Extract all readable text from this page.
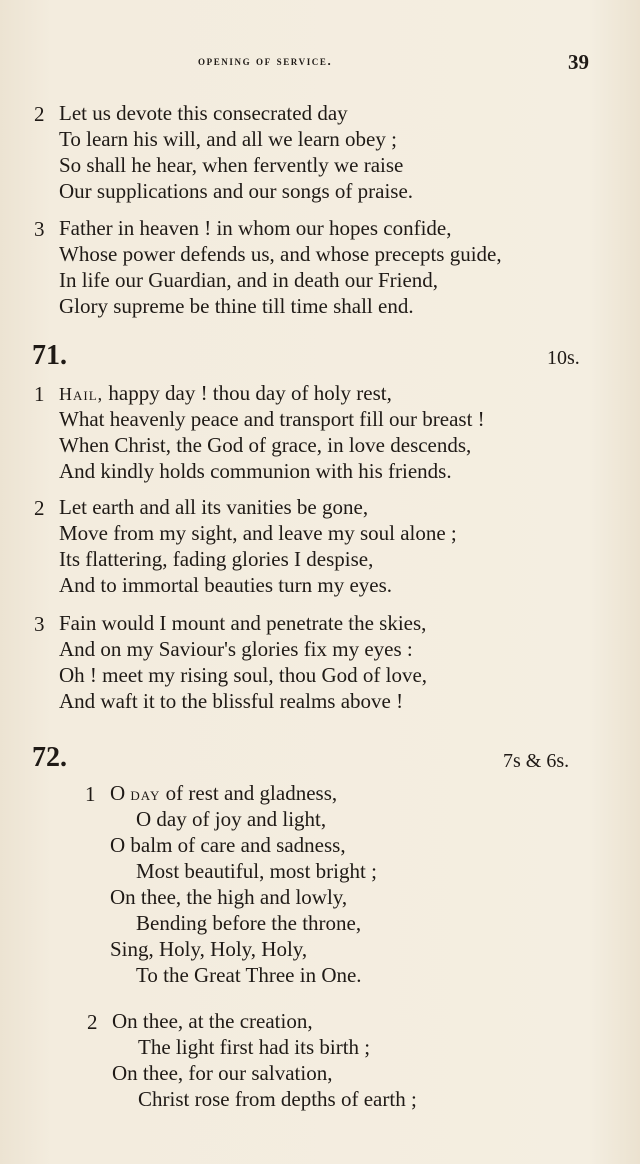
opening of service.	39
2 Let us devote this consecrated day
To learn his will, and all we learn obey ;
So shall he hear, when fervently we raise
Our supplications and our songs of praise.
3 Father in heaven ! in whom our hopes confide,
Whose power defends us, and whose precepts guide,
In life our Guardian, and in death our Friend,
Glory supreme be thine till time shall end.
71.	10s.
1 Hail, happy day ! thou day of holy rest,
What heavenly peace and transport fill our breast !
When Christ, the God of grace, in love descends,
And kindly holds communion with his friends.
2 Let earth and all its vanities be gone,
Move from my sight, and leave my soul alone ;
Its flattering, fading glories I despise,
And to immortal beauties turn my eyes.
3 Fain would I mount and penetrate the skies,
And on my Saviour's glories fix my eyes :
Oh ! meet my rising soul, thou God of love,
And waft it to the blissful realms above !
72.	7s & 6s.
1 O day of rest and gladness,
O day of joy and light,
O balm of care and sadness,
Most beautiful, most bright ;
On thee, the high and lowly,
Bending before the throne,
Sing, Holy, Holy, Holy,
To the Great Three in One.
2 On thee, at the creation,
The light first had its birth ;
On thee, for our salvation,
Christ rose from depths of earth ;
